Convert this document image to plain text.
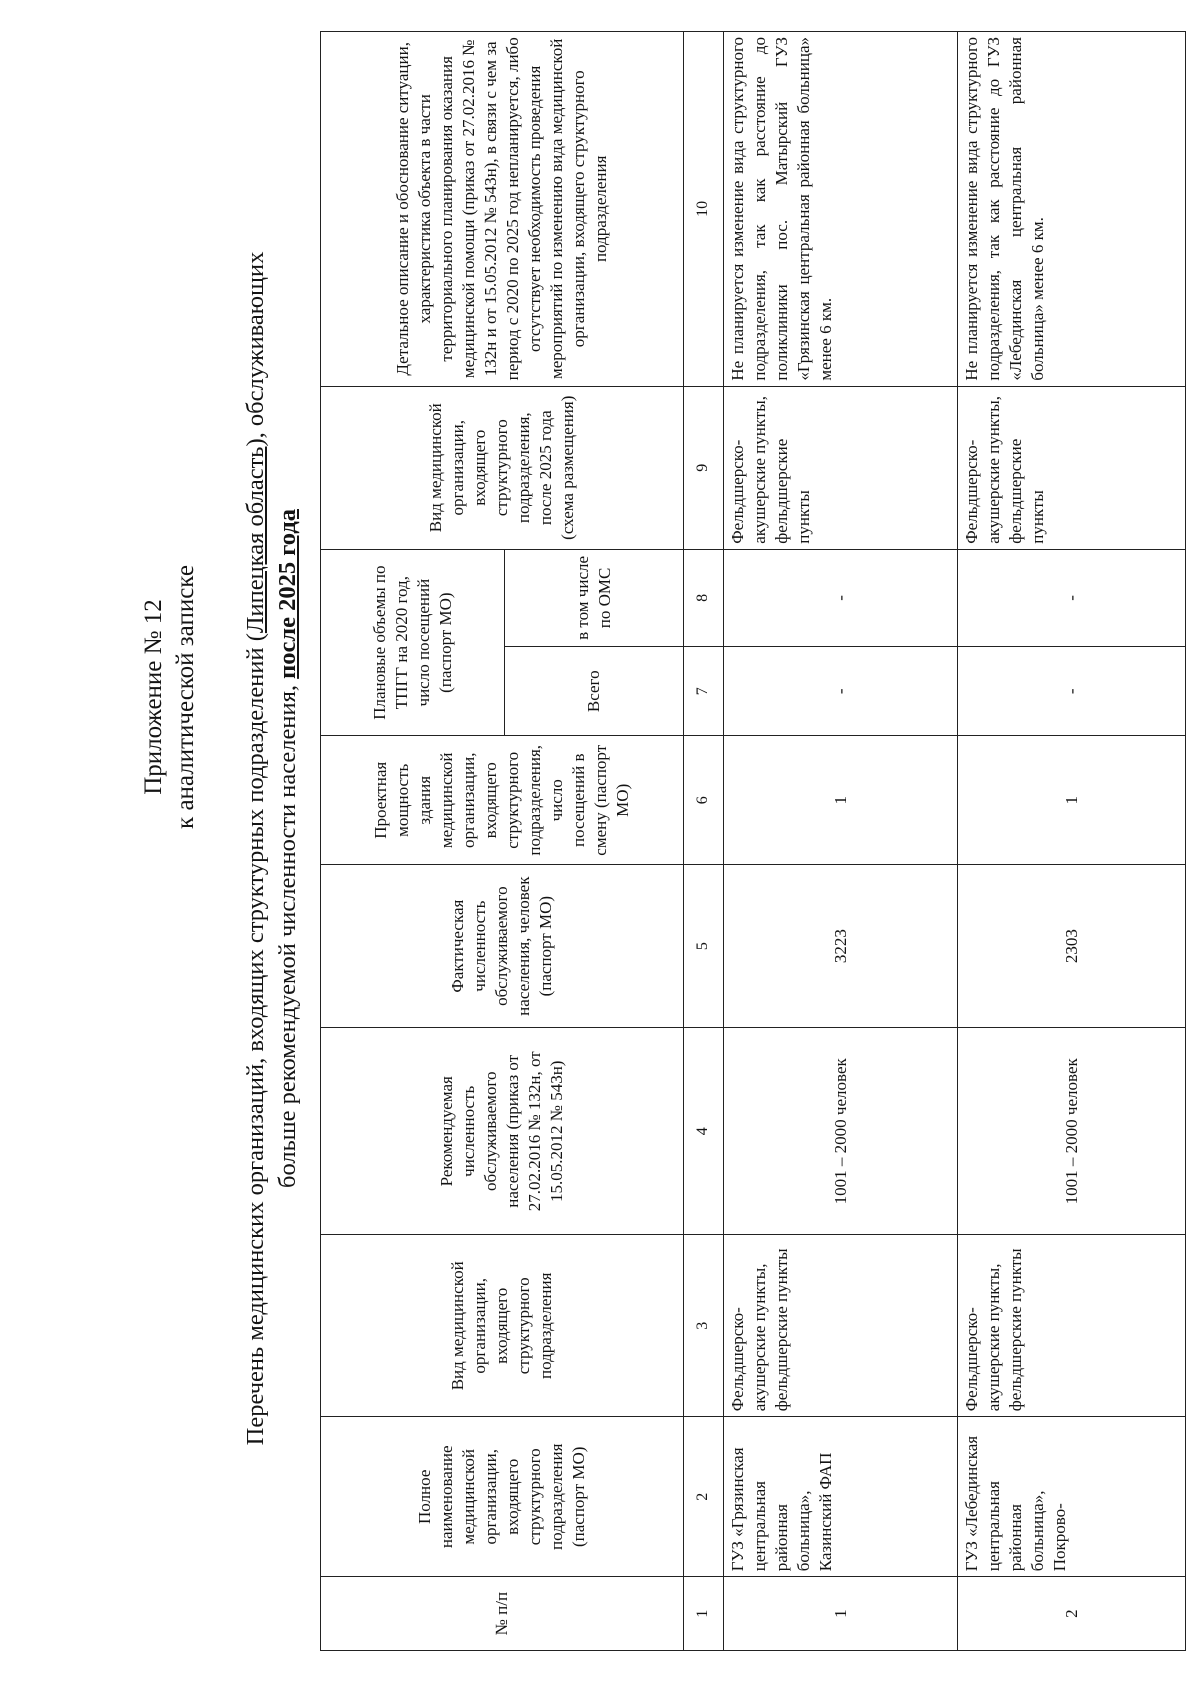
Приложение № 12 к аналитической записке Перечень медицинских организаций, входящих структурных подразделений (Липецкая область), обслуживающих
больше рекомендуемой численности населения, после 2025 года
№ п/п	Полное наименование медицинской организации, входящего структурного подразделения (паспорт МО)	Вид медицинской организации, входящего структурного подразделения	Рекомендуемая численность обслуживаемого населения (приказ от 27.02.2016 № 132н, от 15.05.2012 № 543н)	Фактическая численность обслуживаемого населения, человек (паспорт МО)	Проектная мощность здания медицинской организации, входящего структурного подразделения, число посещений в смену (паспорт МО)	Плановые объемы по ТПГГ на 2020 год, число посещений (паспорт МО)		Вид медицинской организации, входящего структурного подразделения, после 2025 года (схема размещения)	Детальное описание и обоснование ситуации, характеристика объекта в части территориального планирования оказания медицинской помощи (приказ от 27.02.2016 № 132н и от 15.05.2012 № 543н), в связи с чем за период с 2020 по 2025 год непланируется, либо отсутствует необходимость проведения мероприятий по изменению вида медицинской организации, входящего структурного подразделения
						Всего	в том числе по ОМС		
1	2	3	4	5	6	7	8	9	10
1	ГУЗ «Грязинская центральная районная больница», Казинский ФАП	Фельдшерско-акушерские пункты, фельдшерские пункты	1001 – 2000 человек	3223	1	-	-	Фельдшерско-акушерские пункты, фельдшерские пункты	Не планируется изменение вида структурного подразделения, так как расстояние до поликлиники пос. Матырский ГУЗ «Грязинская центральная районная больница» менее 6 км.
2	ГУЗ «Лебединская центральная районная больница», Покрово-	Фельдшерско-акушерские пункты, фельдшерские пункты	1001 – 2000 человек	2303	1	-	-	Фельдшерско-акушерские пункты, фельдшерские пункты	Не планируется изменение вида структурного подразделения, так как расстояние до ГУЗ «Лебединская центральная районная больница» менее 6 км.
